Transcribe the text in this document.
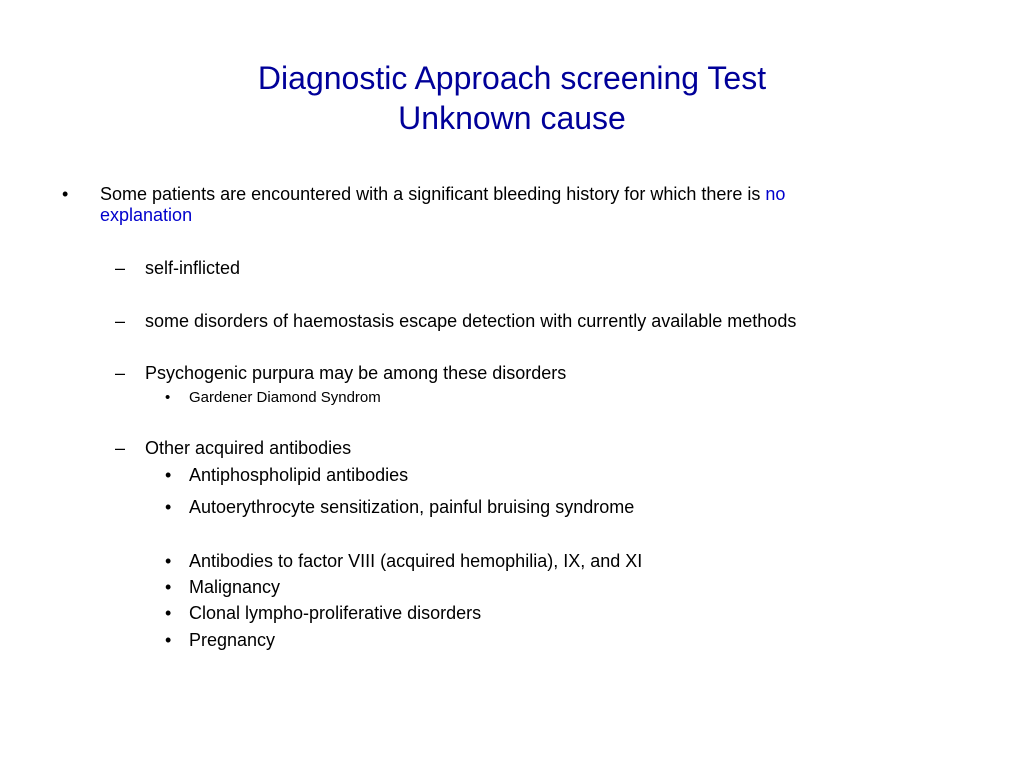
Diagnostic Approach screening Test
Unknown cause
• Some patients are encountered with a significant bleeding history for which there is no explanation
– self-inflicted
– some disorders of haemostasis escape detection with currently available methods
– Psychogenic purpura may be among these disorders
• Gardener Diamond Syndrom
– Other acquired antibodies
• Antiphospholipid antibodies
• Autoerythrocyte sensitization, painful bruising syndrome
• Antibodies to factor VIII (acquired hemophilia), IX, and XI
• Malignancy
• Clonal lympho-proliferative disorders
• Pregnancy
